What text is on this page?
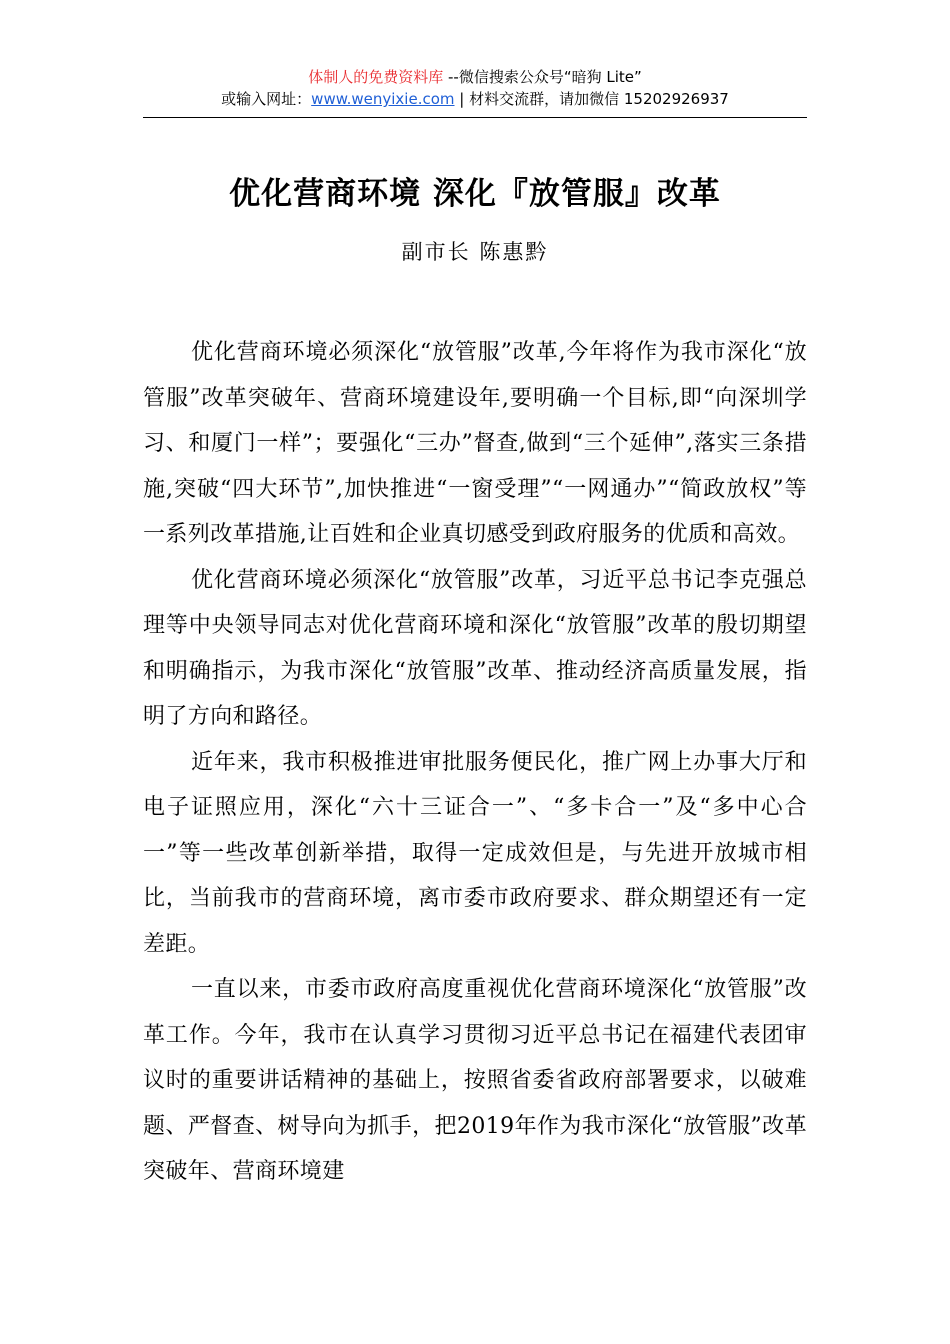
体制人的免费资料库 --微信搜索公众号“暗狗 Lite”
或输入网址：www.wenyixie.com | 材料交流群，请加微信 15202926937
优化营商环境 深化『放管服』改革
副市长 陈惠黔

优化营商环境必须深化“放管服”改革,今年将作为我市深化“放管服”改革突破年、营商环境建设年,要明确一个目标,即“向深圳学习、和厦门一样”；要强化“三办”督查,做到“三个延伸”,落实三条措施,突破“四大环节”,加快推进“一窗受理”“一网通办”“简政放权”等一系列改革措施,让百姓和企业真切感受到政府服务的优质和高效。

优化营商环境必须深化“放管服”改革，习近平总书记李克强总理等中央领导同志对优化营商环境和深化“放管服”改革的殷切期望和明确指示，为我市深化“放管服”改革、推动经济高质量发展，指明了方向和路径。

近年来，我市积极推进审批服务便民化，推广网上办事大厅和电子证照应用，深化“六十三证合一”、“多卡合一”及“多中心合一”等一些改革创新举措，取得一定成效但是，与先进开放城市相比，当前我市的营商环境，离市委市政府要求、群众期望还有一定差距。

一直以来，市委市政府高度重视优化营商环境深化“放管服”改革工作。今年，我市在认真学习贯彻习近平总书记在福建代表团审议时的重要讲话精神的基础上，按照省委省政府部署要求，以破难题、严督查、树导向为抓手，把2019年作为我市深化“放管服”改革突破年、营商环境建
